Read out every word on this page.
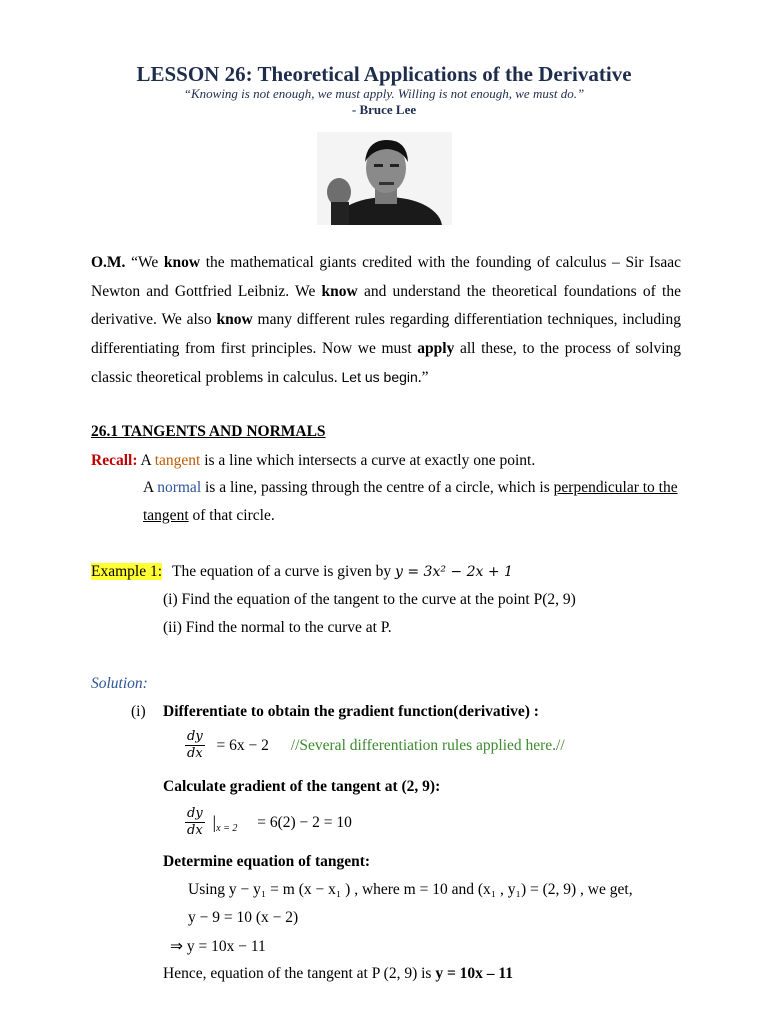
LESSON 26: Theoretical Applications of the Derivative
“Knowing is not enough, we must apply. Willing is not enough, we must do.”
- Bruce Lee
O.M. “We know the mathematical giants credited with the founding of calculus – Sir Isaac Newton and Gottfried Leibniz. We know and understand the theoretical foundations of the derivative. We also know many different rules regarding differentiation techniques, including differentiating from first principles. Now we must apply all these, to the process of solving classic theoretical problems in calculus. Let us begin.”
26.1 TANGENTS AND NORMALS
Recall: A tangent is a line which intersects a curve at exactly one point.
A normal is a line, passing through the centre of a circle, which is perpendicular to the
tangent of that circle.
Example 1: The equation of a curve is given by y = 3x² − 2x + 1
(i) Find the equation of the tangent to the curve at the point P(2, 9)
(ii) Find the normal to the curve at P.
Solution:
(i) Differentiate to obtain the gradient function(derivative) :
$\frac{dy}{dx} = 6x - 2$ //Several differentiation rules applied here.//
Calculate gradient of the tangent at (2, 9):
$\frac{dy}{dx} |x = 2 = 6(2) - 2 = 10$
Determine equation of tangent:
Using y − y₁ = m (x − x₁ ) , where m = 10 and (x₁ , y₁) = (2, 9) , we get,
y − 9 = 10 (x − 2)
⇒ y = 10x − 11
Hence, equation of the tangent at P (2, 9) is y = 10x – 11
